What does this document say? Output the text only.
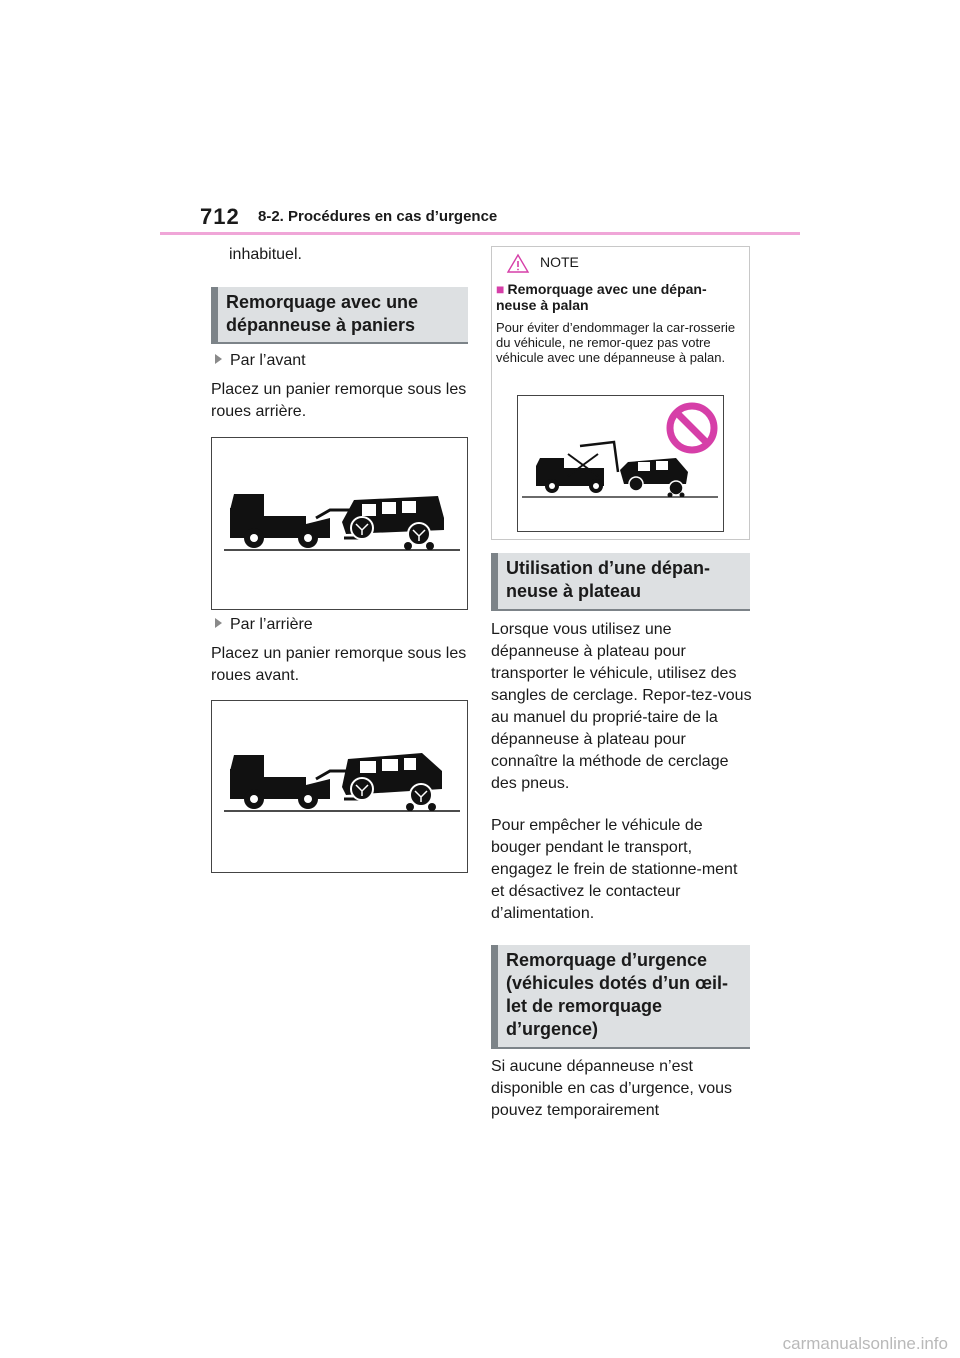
712 8-2. Procédures en cas d’urgence
inhabituel.
Remorquage avec une dépanneuse à paniers
Par l’avant
Placez un panier remorque sous les roues arrière.
Par l’arrière
Placez un panier remorque sous les roues avant.
NOTE
■ Remorquage avec une dépan-neuse à palan
Pour éviter d’endommager la car-rosserie du véhicule, ne remor-quez pas votre véhicule avec une dépanneuse à palan.
Utilisation d’une dépan-neuse à plateau
Lorsque vous utilisez une dépanneuse à plateau pour transporter le véhicule, utilisez des sangles de cerclage. Repor-tez-vous au manuel du proprié-taire de la dépanneuse à plateau pour connaître la méthode de cerclage des pneus.
Pour empêcher le véhicule de bouger pendant le transport, engagez le frein de stationne-ment et désactivez le contacteur d’alimentation.
Remorquage d’urgence (véhicules dotés d’un œil-let de remorquage d’urgence)
Si aucune dépanneuse n’est disponible en cas d’urgence, vous pouvez temporairement
carmanualsonline.info
